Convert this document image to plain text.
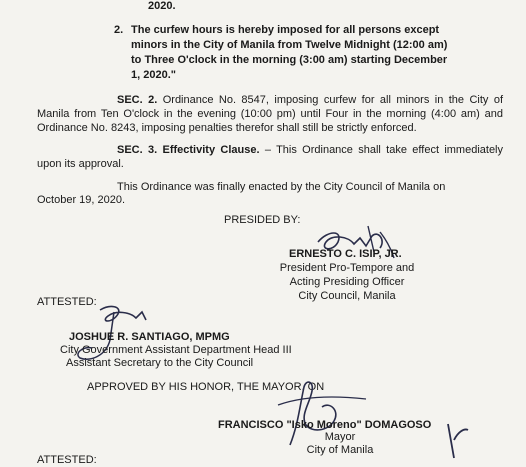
2020.
2. The curfew hours is hereby imposed for all persons except
minors in the City of Manila from Twelve Midnight (12:00 am)
to Three O'clock in the morning (3:00 am) starting December
1, 2020."
SEC. 2. Ordinance No. 8547, imposing curfew for all minors in the City of Manila from Ten O'clock in the evening (10:00 pm) until Four in the morning (4:00 am) and Ordinance No. 8243, imposing penalties therefor shall still be strictly enforced.
SEC. 3. Effectivity Clause. – This Ordinance shall take effect immediately upon its approval.
This Ordinance was finally enacted by the City Council of Manila on
October 19, 2020.
PRESIDED BY:
ERNESTO C. ISIP, JR.
President Pro-Tempore and
Acting Presiding Officer
City Council, Manila
ATTESTED:
JOSHUE R. SANTIAGO, MPMG
City Government Assistant Department Head III
Assistant Secretary to the City Council
APPROVED BY HIS HONOR, THE MAYOR, ON
FRANCISCO "Isko Moreno" DOMAGOSO
Mayor
City of Manila
ATTESTED:
